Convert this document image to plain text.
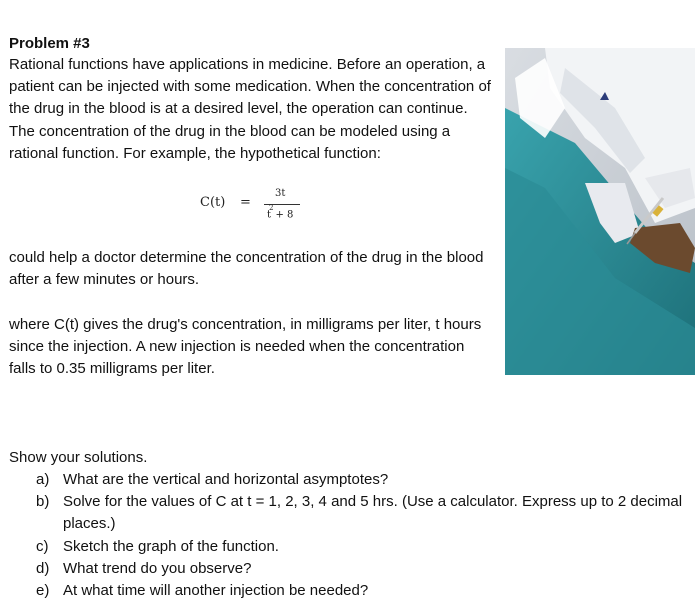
Problem #3
Rational functions have applications in medicine. Before an operation, a patient can be injected with some medication. When the concentration of the drug in the blood is at a desired level, the operation can continue. The concentration of the drug in the blood can be modeled using a rational function. For example, the hypothetical function:
C(t) =
3t
$t^2+ 8$
could help a doctor determine the concentration of the drug in the blood after a few minutes or hours.
where C(t) gives the drug's concentration, in milligrams per liter, t hours since the injection. A new injection is needed when the concentration falls to 0.35 milligrams per liter.
Show your solutions.
a) What are the vertical and horizontal asymptotes?
b) Solve for the values of C at t = 1, 2, 3, 4 and 5 hrs. (Use a calculator. Express up to 2 decimal places.)
c) Sketch the graph of the function.
d) What trend do you observe?
e) At what time will another injection be needed?
